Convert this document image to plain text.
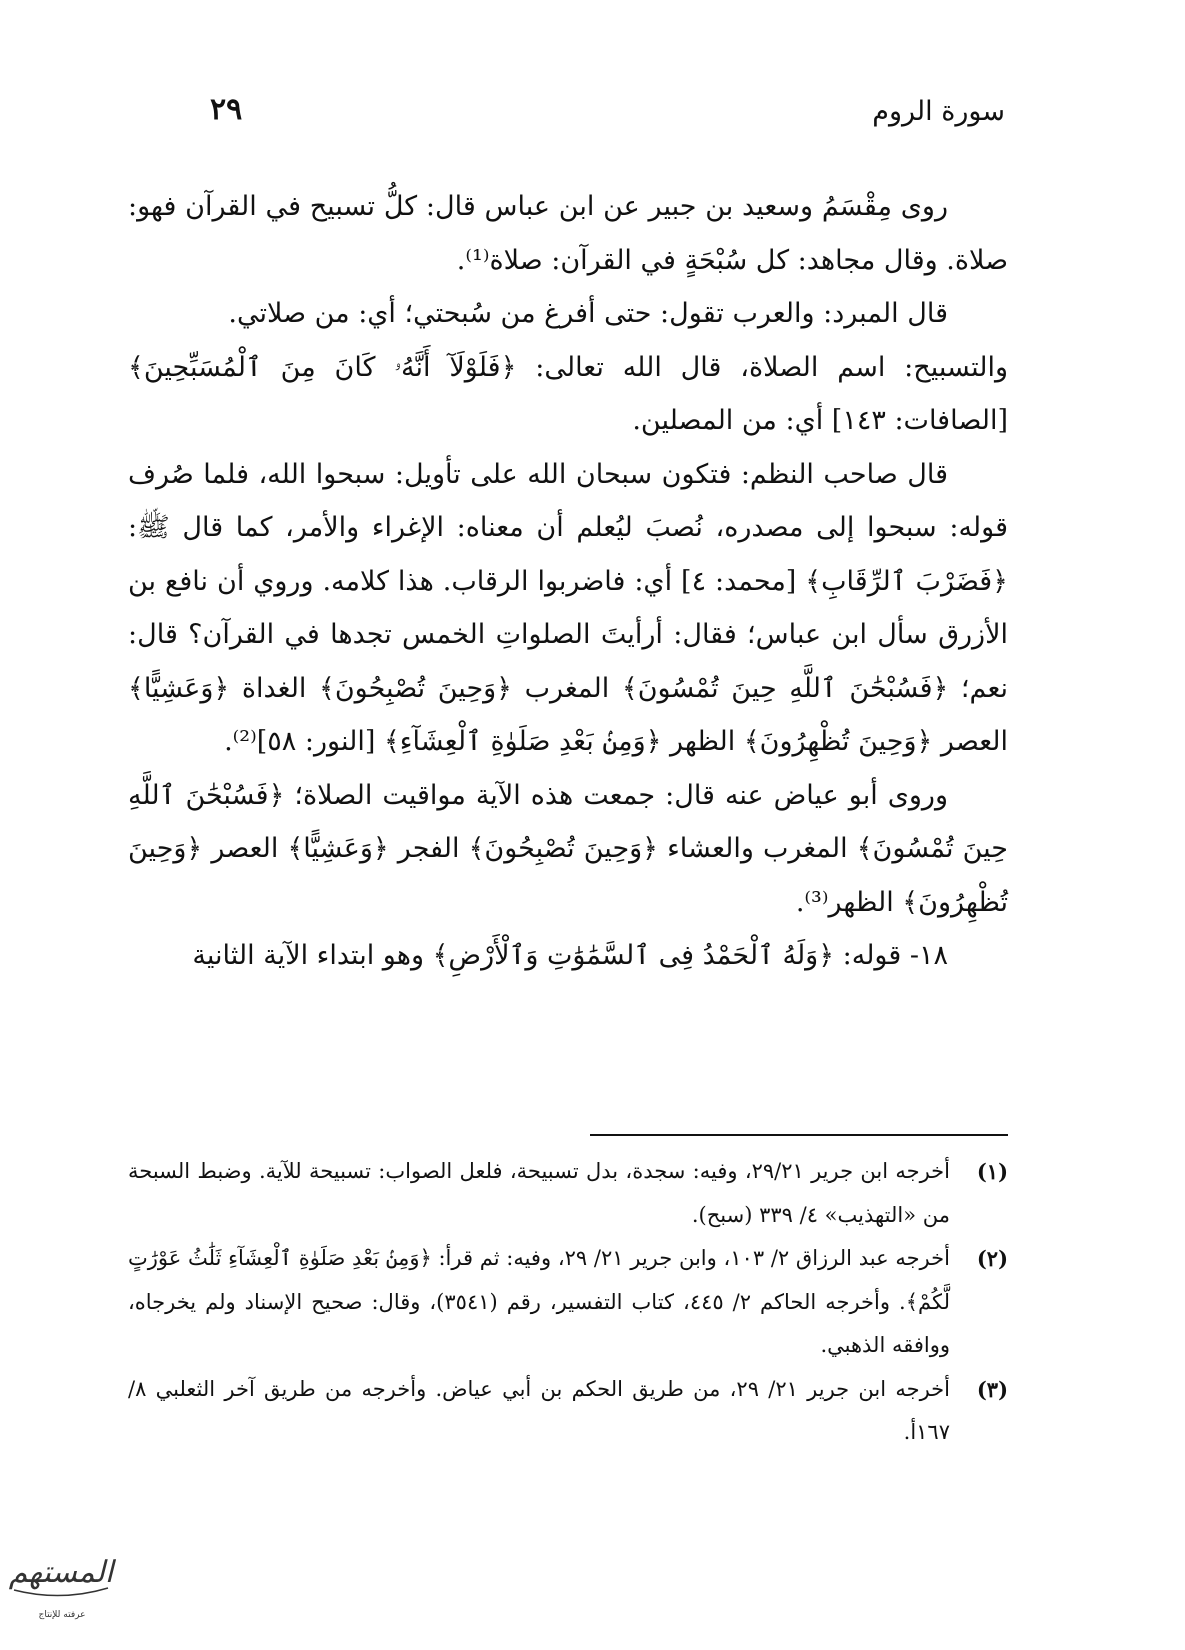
سورة الروم
٢٩

روى مِقْسَمُ وسعيد بن جبير عن ابن عباس قال: كلُّ تسبيح في القرآن فهو: صلاة. وقال مجاهد: كل سُبْحَةٍ في القرآن: صلاة⁽¹⁾.

قال المبرد: والعرب تقول: حتى أفرغ من سُبحتي؛ أي: من صلاتي.

والتسبيح: اسم الصلاة، قال الله تعالى: ﴿فَلَوْلَآ أَنَّهُۥ كَانَ مِنَ ٱلْمُسَبِّحِينَ﴾ [الصافات: ١٤٣] أي: من المصلين.

قال صاحب النظم: فتكون سبحان الله على تأويل: سبحوا الله، فلما صُرف قوله: سبحوا إلى مصدره، نُصبَ ليُعلم أن معناه: الإغراء والأمر، كما قال ﷺ: ﴿فَضَرْبَ ٱلرِّقَابِ﴾ [محمد: ٤] أي: فاضربوا الرقاب. هذا كلامه. وروي أن نافع بن الأزرق سأل ابن عباس؛ فقال: أرأيتَ الصلواتِ الخمس تجدها في القرآن؟ قال: نعم؛ ﴿فَسُبْحَٰنَ ٱللَّهِ حِينَ تُمْسُونَ﴾ المغرب ﴿وَحِينَ تُصْبِحُونَ﴾ الغداة ﴿وَعَشِيًّا﴾ العصر ﴿وَحِينَ تُظْهِرُونَ﴾ الظهر ﴿وَمِنۢ بَعْدِ صَلَوٰةِ ٱلْعِشَآءِ﴾ [النور: ٥٨]⁽²⁾.

وروى أبو عياض عنه قال: جمعت هذه الآية مواقيت الصلاة؛ ﴿فَسُبْحَٰنَ ٱللَّهِ حِينَ تُمْسُونَ﴾ المغرب والعشاء ﴿وَحِينَ تُصْبِحُونَ﴾ الفجر ﴿وَعَشِيًّا﴾ العصر ﴿وَحِينَ تُظْهِرُونَ﴾ الظهر⁽³⁾.

١٨- قوله: ﴿وَلَهُ ٱلْحَمْدُ فِى ٱلسَّمَٰوَٰتِ وَٱلْأَرْضِ﴾ وهو ابتداء الآية الثانية

(١)
أخرجه ابن جرير ٢٩/٢١، وفيه: سجدة، بدل تسبيحة، فلعل الصواب: تسبيحة للآية. وضبط السبحة من «التهذيب» ٤/ ٣٣٩ (سبح).
(٢)
أخرجه عبد الرزاق ٢/ ١٠٣، وابن جرير ٢١/ ٢٩، وفيه: ثم قرأ: ﴿وَمِنۢ بَعْدِ صَلَوٰةِ ٱلْعِشَآءِ ثَلَٰثُ عَوْرَٰتٍ لَّكُمْ﴾. وأخرجه الحاكم ٢/ ٤٤٥، كتاب التفسير، رقم (٣٥٤١)، وقال: صحيح الإسناد ولم يخرجاه، ووافقه الذهبي.
(٣)
أخرجه ابن جرير ٢١/ ٢٩، من طريق الحكم بن أبي عياض. وأخرجه من طريق آخر الثعلبي ٨/ ١٦٧أ.
المستهم
عرفته للإنتاج
